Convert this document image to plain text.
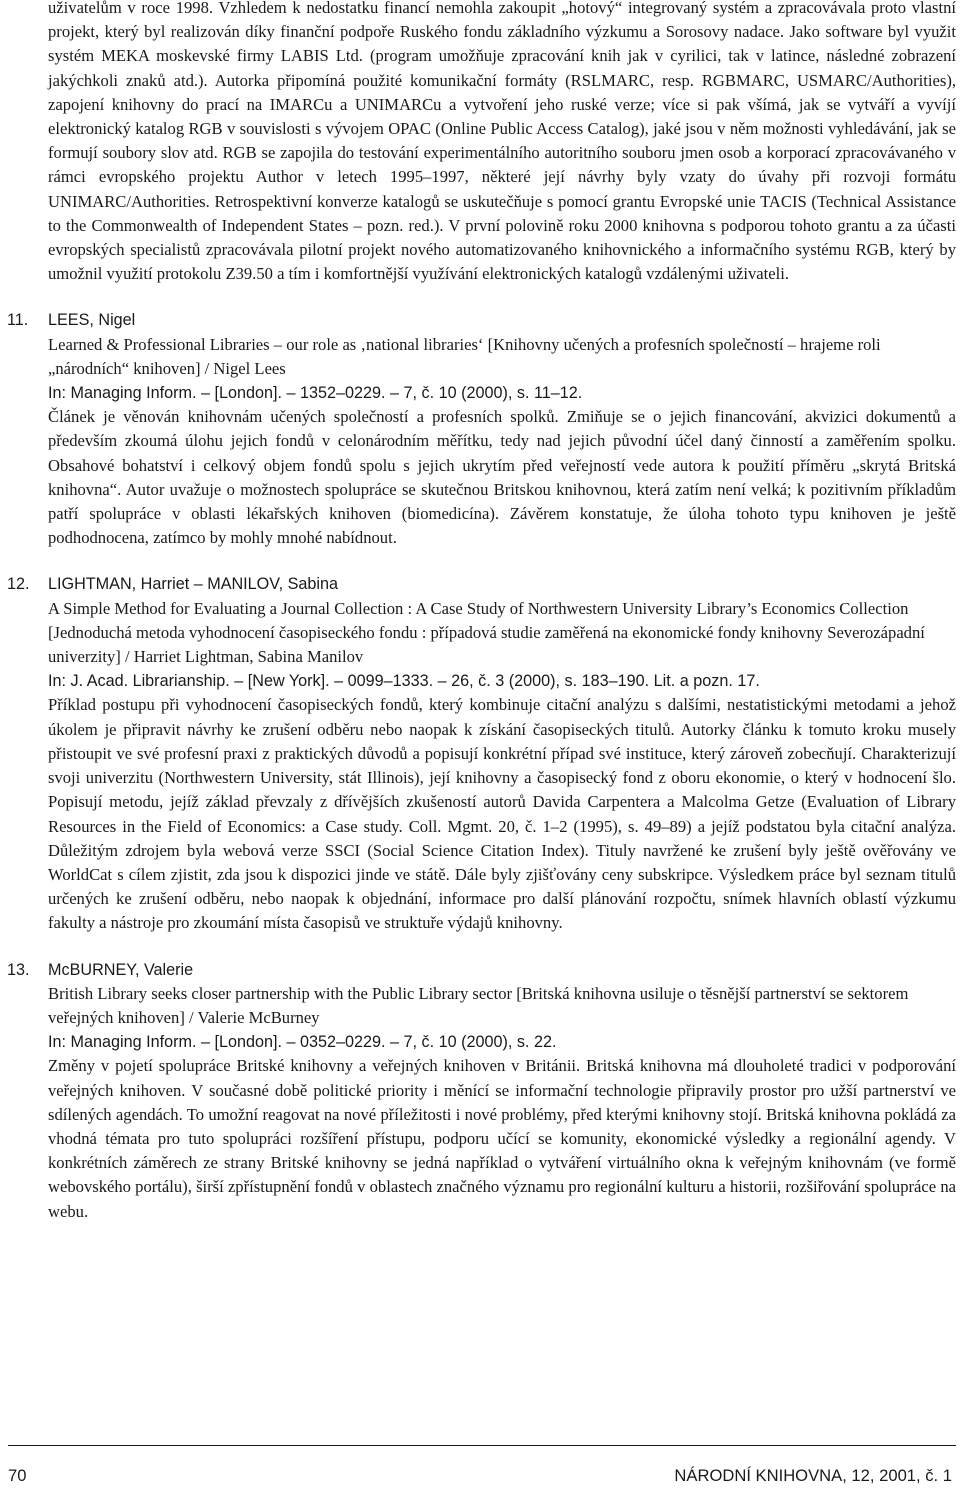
uživatelům v roce 1998. Vzhledem k nedostatku financí nemohla zakoupit „hotový“ integrovaný systém a zpracovávala proto vlastní projekt, který byl realizován díky finanční podpoře Ruského fondu základního výzkumu a Sorosovy nadace. Jako software byl využit systém MEKA moskevské firmy LABIS Ltd. (program umožňuje zpracování knih jak v cyrilici, tak v latince, následné zobrazení jakýchkoli znaků atd.). Autorka připomíná použité komunikační formáty (RSLMARC, resp. RGBMARC, USMARC/Authorities), zapojení knihovny do prací na IMARCu a UNIMARCu a vytvoření jeho ruské verze; více si pak všímá, jak se vytváří a vyvíjí elektronický katalog RGB v souvislosti s vývojem OPAC (Online Public Access Catalog), jaké jsou v něm možnosti vyhledávání, jak se formují soubory slov atd. RGB se zapojila do testování experimentálního autoritního souboru jmen osob a korporací zpracovávaného v rámci evropského projektu Author v letech 1995–1997, některé její návrhy byly vzaty do úvahy při rozvoji formátu UNIMARC/Authorities. Retrospektivní konverze katalogů se uskutečňuje s pomocí grantu Evropské unie TACIS (Technical Assistance to the Commonwealth of Independent States – pozn. red.). V první polovině roku 2000 knihovna s podporou tohoto grantu a za účasti evropských specialistů zpracovávala pilotní projekt nového automatizovaného knihovnického a informačního systému RGB, který by umožnil využití protokolu Z39.50 a tím i komfortnější využívání elektronických katalogů vzdálenými uživateli.

11. LEES, Nigel

Learned & Professional Libraries – our role as ‚national libraries‘ [Knihovny učených a profesních společností – hrajeme roli „národních“ knihoven] / Nigel Lees

In: Managing Inform. – [London]. – 1352–0229. – 7, č. 10 (2000), s. 11–12.

Článek je věnován knihovnám učených společností a profesních spolků. Zmiňuje se o jejich financování, akvizici dokumentů a především zkoumá úlohu jejich fondů v celonárodním měřítku, tedy nad jejich původní účel daný činností a zaměřením spolku. Obsahové bohatství i celkový objem fondů spolu s jejich ukrytím před veřejností vede autora k použití příměru „skrytá Britská knihovna“. Autor uvažuje o možnostech spolupráce se skutečnou Britskou knihovnou, která zatím není velká; k pozitivním příkladům patří spolupráce v oblasti lékařských knihoven (biomedicína). Závěrem konstatuje, že úloha tohoto typu knihoven je ještě podhodnocena, zatímco by mohly mnohé nabídnout.

12. LIGHTMAN, Harriet – MANILOV, Sabina

A Simple Method for Evaluating a Journal Collection : A Case Study of Northwestern University Library’s Economics Collection [Jednoduchá metoda vyhodnocení časopiseckého fondu : případová studie zaměřená na ekonomické fondy knihovny Severozápadní univerzity] / Harriet Lightman, Sabina Manilov

In: J. Acad. Librarianship. – [New York]. – 0099–1333. – 26, č. 3 (2000), s. 183–190. Lit. a pozn. 17.

Příklad postupu při vyhodnocení časopiseckých fondů, který kombinuje citační analýzu s dalšími, nestatistickými metodami a jehož úkolem je připravit návrhy ke zrušení odběru nebo naopak k získání časopiseckých titulů. Autorky článku k tomuto kroku musely přistoupit ve své profesní praxi z praktických důvodů a popisují konkrétní případ své instituce, který zároveň zobecňují. Charakterizují svoji univerzitu (Northwestern University, stát Illinois), její knihovny a časopisecký fond z oboru ekonomie, o který v hodnocení šlo. Popisují metodu, jejíž základ převzaly z dřívějších zkušeností autorů Davida Carpentera a Malcolma Getze (Evaluation of Library Resources in the Field of Economics: a Case study. Coll. Mgmt. 20, č. 1–2 (1995), s. 49–89) a jejíž podstatou byla citační analýza. Důležitým zdrojem byla webová verze SSCI (Social Science Citation Index). Tituly navržené ke zrušení byly ještě ověřovány ve WorldCat s cílem zjistit, zda jsou k dispozici jinde ve státě. Dále byly zjišťovány ceny subskripce. Výsledkem práce byl seznam titulů určených ke zrušení odběru, nebo naopak k objednání, informace pro další plánování rozpočtu, snímek hlavních oblastí výzkumu fakulty a nástroje pro zkoumání místa časopisů ve struktuře výdajů knihovny.

13. McBURNEY, Valerie

British Library seeks closer partnership with the Public Library sector [Britská knihovna usiluje o těsnější partnerství se sektorem veřejných knihoven] / Valerie McBurney

In: Managing Inform. – [London]. – 0352–0229. – 7, č. 10 (2000), s. 22.

Změny v pojetí spolupráce Britské knihovny a veřejných knihoven v Británii. Britská knihovna má dlouholeté tradici v podporování veřejných knihoven. V současné době politické priority i měnící se informační technologie připravily prostor pro užší partnerství ve sdílených agendách. To umožní reagovat na nové příležitosti i nové problémy, před kterými knihovny stojí. Britská knihovna pokládá za vhodná témata pro tuto spolupráci rozšíření přístupu, podporu učící se komunity, ekonomické výsledky a regionální agendy. V konkrétních záměrech ze strany Britské knihovny se jedná například o vytváření virtuálního okna k veřejným knihovnám (ve formě webovského portálu), širší zpřístupnění fondů v oblastech značného významu pro regionální kulturu a historii, rozšiřování spolupráce na webu.

70	NÁRODNÍ KNIHOVNA, 12, 2001, č. 1
